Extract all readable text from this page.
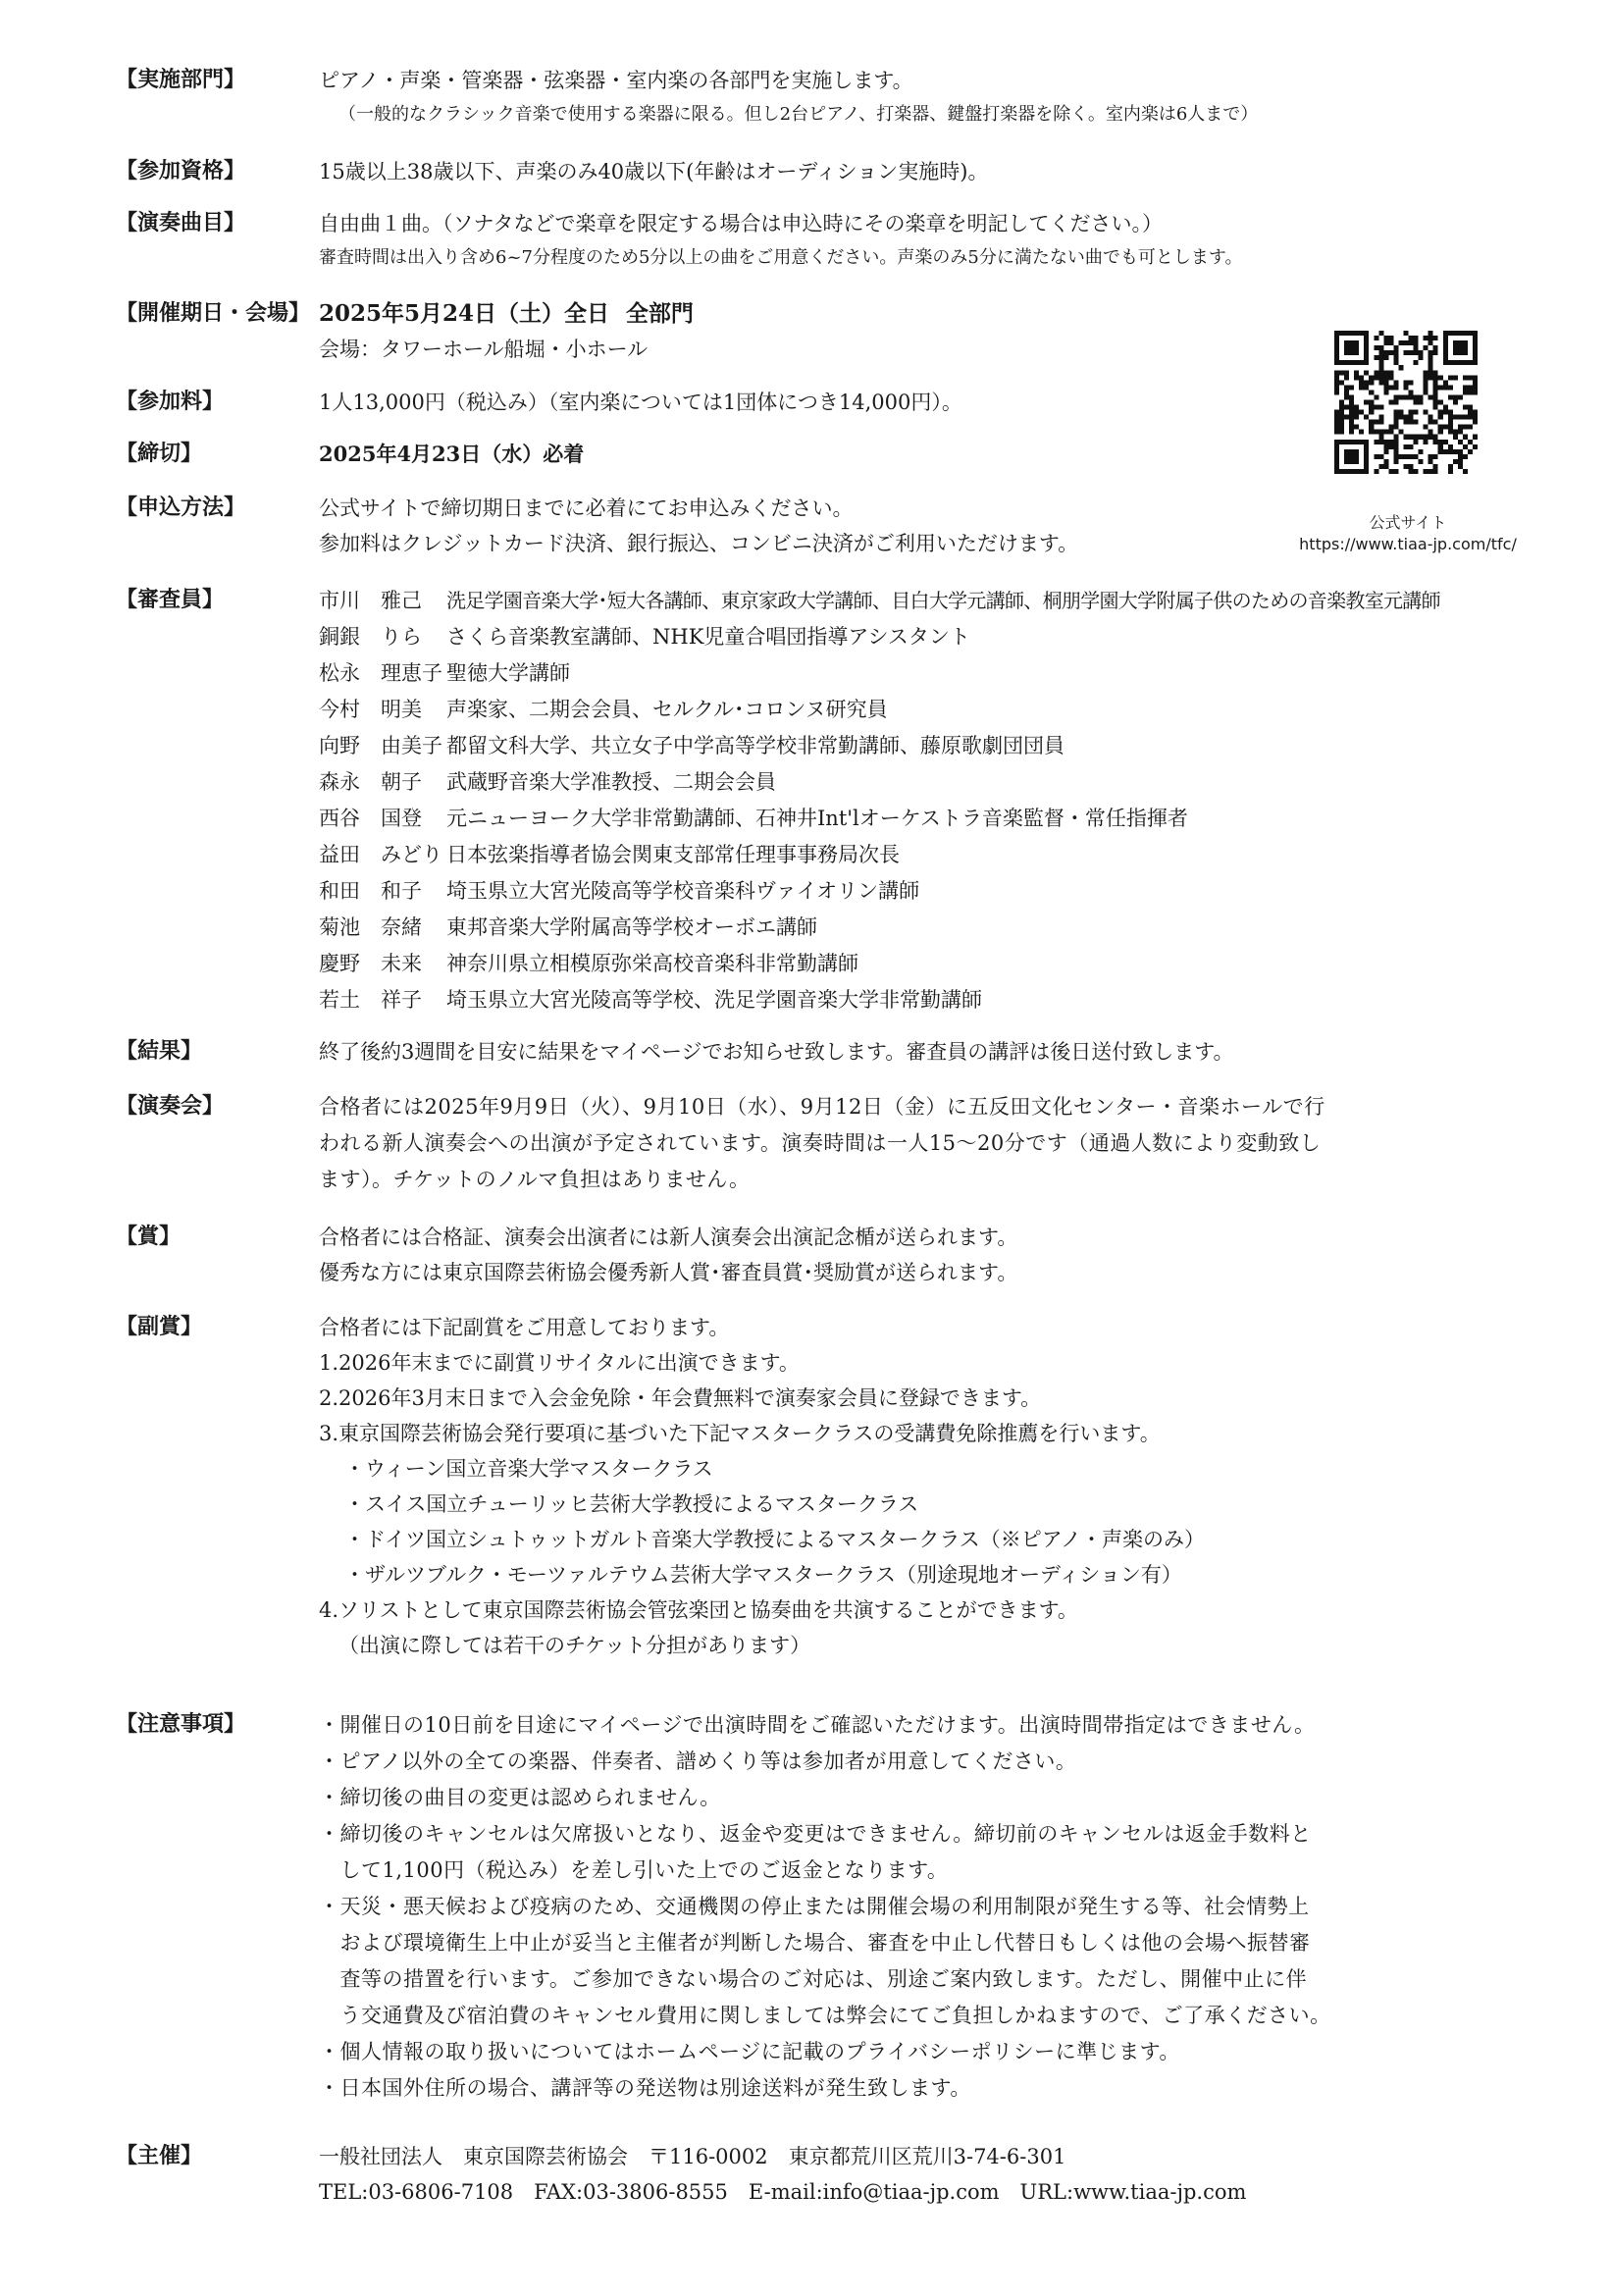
【実施部門】	ピアノ・声楽・管楽器・弦楽器・室内楽の各部門を実施します。
（一般的なクラシック音楽で使用する楽器に限る。但し2台ピアノ、打楽器、鍵盤打楽器を除く。室内楽は6人まで）
【参加資格】	15歳以上38歳以下、声楽のみ40歳以下(年齢はオーディション実施時)。
【演奏曲目】	自由曲１曲。（ソナタなどで楽章を限定する場合は申込時にその楽章を明記してください。）
審査時間は出入り含め6~7分程度のため5分以上の曲をご用意ください。声楽のみ5分に満たない曲でも可とします。
【開催期日・会場】 2025年5月24日（土）全日 全部門
会場：タワーホール船堀・小ホール
【参加料】	1人13,000円（税込み）（室内楽については1団体につき14,000円）。
【締切】	2025年4月23日（水）必着
【申込方法】	公式サイトで締切期日までに必着にてお申込みください。
参加料はクレジットカード決済、銀行振込、コンビニ決済がご利用いただけます。
公式サイト
https://www.tiaa-jp.com/tfc/
【審査員】	市川　雅己	洗足学園音楽大学･短大各講師、東京家政大学講師、目白大学元講師、桐朋学園大学附属子供のための音楽教室元講師
銅銀　りら	さくら音楽教室講師、NHK児童合唱団指導アシスタント
松永　理恵子 聖徳大学講師
今村　明美	声楽家、二期会会員、セルクル･コロンヌ研究員
向野　由美子 都留文科大学、共立女子中学高等学校非常勤講師、藤原歌劇団団員
森永　朝子	武蔵野音楽大学准教授、二期会会員
西谷　国登	元ニューヨーク大学非常勤講師、石神井Int'lオーケストラ音楽監督・常任指揮者
益田　みどり 日本弦楽指導者協会関東支部常任理事事務局次長
和田　和子	埼玉県立大宮光陵高等学校音楽科ヴァイオリン講師
菊池　奈緒	東邦音楽大学附属高等学校オーボエ講師
慶野　未来	神奈川県立相模原弥栄高校音楽科非常勤講師
若土　祥子	埼玉県立大宮光陵高等学校、洗足学園音楽大学非常勤講師
【結果】	終了後約3週間を目安に結果をマイページでお知らせ致します。審査員の講評は後日送付致します。
【演奏会】	合格者には2025年9月9日（火）、9月10日（水）、9月12日（金）に五反田文化センター・音楽ホールで行
われる新人演奏会への出演が予定されています。演奏時間は一人15～20分です（通過人数により変動致し
ます）。チケットのノルマ負担はありません。
【賞】	合格者には合格証、演奏会出演者には新人演奏会出演記念楯が送られます。
優秀な方には東京国際芸術協会優秀新人賞･審査員賞･奨励賞が送られます。
【副賞】	合格者には下記副賞をご用意しております。
1.2026年末までに副賞リサイタルに出演できます。
2.2026年3月末日まで入会金免除・年会費無料で演奏家会員に登録できます。
3.東京国際芸術協会発行要項に基づいた下記マスタークラスの受講費免除推薦を行います。
・ウィーン国立音楽大学マスタークラス
・スイス国立チューリッヒ芸術大学教授によるマスタークラス
・ドイツ国立シュトゥットガルト音楽大学教授によるマスタークラス（※ピアノ・声楽のみ）
・ザルツブルク・モーツァルテウム芸術大学マスタークラス（別途現地オーディション有）
4.ソリストとして東京国際芸術協会管弦楽団と協奏曲を共演することができます。
（出演に際しては若干のチケット分担があります）
【注意事項】	・開催日の10日前を目途にマイページで出演時間をご確認いただけます。出演時間帯指定はできません。
・ピアノ以外の全ての楽器、伴奏者、譜めくり等は参加者が用意してください。
・締切後の曲目の変更は認められません。
・締切後のキャンセルは欠席扱いとなり、返金や変更はできません。締切前のキャンセルは返金手数料と
　して1,100円（税込み）を差し引いた上でのご返金となります。
・天災・悪天候および疫病のため、交通機関の停止または開催会場の利用制限が発生する等、社会情勢上
　および環境衛生上中止が妥当と主催者が判断した場合、審査を中止し代替日もしくは他の会場へ振替審
　査等の措置を行います。ご参加できない場合のご対応は、別途ご案内致します。ただし、開催中止に伴
　う交通費及び宿泊費のキャンセル費用に関しましては弊会にてご負担しかねますので、ご了承ください。
・個人情報の取り扱いについてはホームページに記載のプライバシーポリシーに準じます。
・日本国外住所の場合、講評等の発送物は別途送料が発生致します。
【主催】	一般社団法人　東京国際芸術協会　〒116-0002　東京都荒川区荒川3-74-6-301
TEL:03-6806-7108　FAX:03-3806-8555　E-mail:info@tiaa-jp.com　URL:www.tiaa-jp.com
